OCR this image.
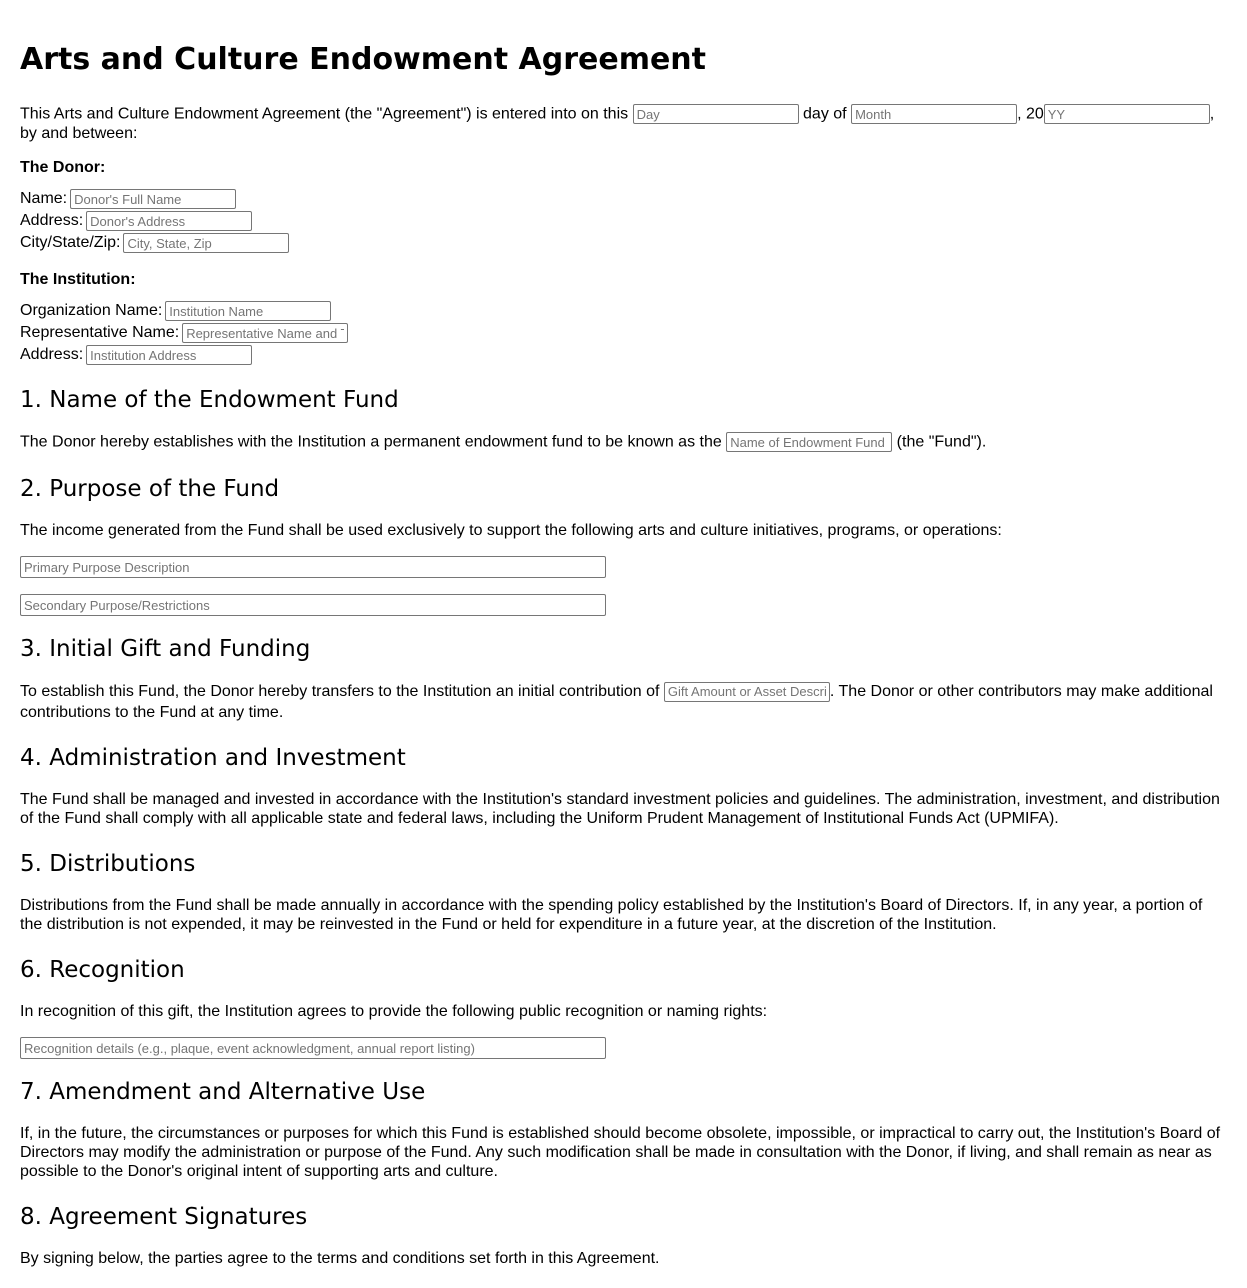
Arts and Culture Endowment Agreement

This Arts and Culture Endowment Agreement (the "Agreement") is entered into on this Day	day of Month	, 20YY	,
by and between:

The Donor:
Name:
Donor's Full Name
Address:
Donor's Address
City/State/Zip:
City, State, Zip
The Institution:
Organization Name:
Institution Name
Representative Name:
Representative Name and Title
Address:
Institution Address
1. Name of the Endowment Fund

The Donor hereby establishes with the Institution a permanent endowment fund to be known as the Name of Endowment Fund	(the "Fund").

2. Purpose of the Fund

The income generated from the Fund shall be used exclusively to support the following arts and culture initiatives, programs, or operations:

Primary Purpose Description
Secondary Purpose/Restrictions
3. Initial Gift and Funding

To establish this Fund, the Donor hereby transfers to the Institution an initial contribution of Gift Amount or Asset Description	. The Donor or other contributors may make additional contributions to the Fund at any time.

4. Administration and Investment

The Fund shall be managed and invested in accordance with the Institution's standard investment policies and guidelines. The administration, investment, and distribution of the Fund shall comply with all applicable state and federal laws, including the Uniform Prudent Management of Institutional Funds Act (UPMIFA).

5. Distributions

Distributions from the Fund shall be made annually in accordance with the spending policy established by the Institution's Board of Directors. If, in any year, a portion of the distribution is not expended, it may be reinvested in the Fund or held for expenditure in a future year, at the discretion of the Institution.

6. Recognition

In recognition of this gift, the Institution agrees to provide the following public recognition or naming rights:

Recognition details (e.g., plaque, event acknowledgment, annual report listing)
7. Amendment and Alternative Use

If, in the future, the circumstances or purposes for which this Fund is established should become obsolete, impossible, or impractical to carry out, the Institution's Board of Directors may modify the administration or purpose of the Fund. Any such modification shall be made in consultation with the Donor, if living, and shall remain as near as possible to the Donor's original intent of supporting arts and culture.

8. Agreement Signatures

By signing below, the parties agree to the terms and conditions set forth in this Agreement.
